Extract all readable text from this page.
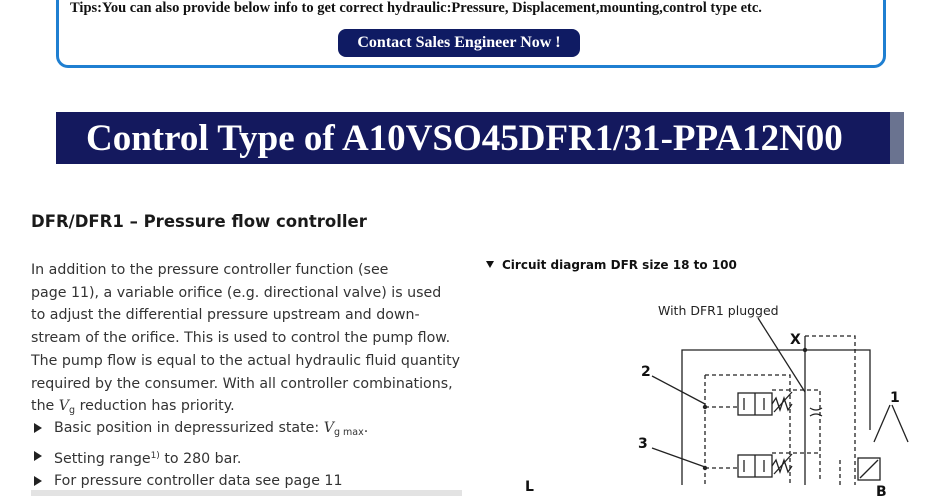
Tips:You can also provide below info to get correct hydraulic:Pressure, Displacement,mounting,control type etc.
Contact Sales Engineer Now !
Control Type of A10VSO45DFR1/31-PPA12N00
DFR/DFR1 – Pressure flow controller
In addition to the pressure controller function (see
page 11), a variable orifice (e.g. directional valve) is used
to adjust the differential pressure upstream and down-
stream of the orifice. This is used to control the pump flow.
The pump flow is equal to the actual hydraulic fluid quantity
required by the consumer. With all controller combinations,
the $V_g$ reduction has priority.
Basic position in depressurized state: $V_{g max}$.
Setting range$^{1)}$ to 280 bar.
For pressure controller data see page 11
Circuit diagram DFR size 18 to 100
With DFR1 plugged
X
2
3
1
L	B
